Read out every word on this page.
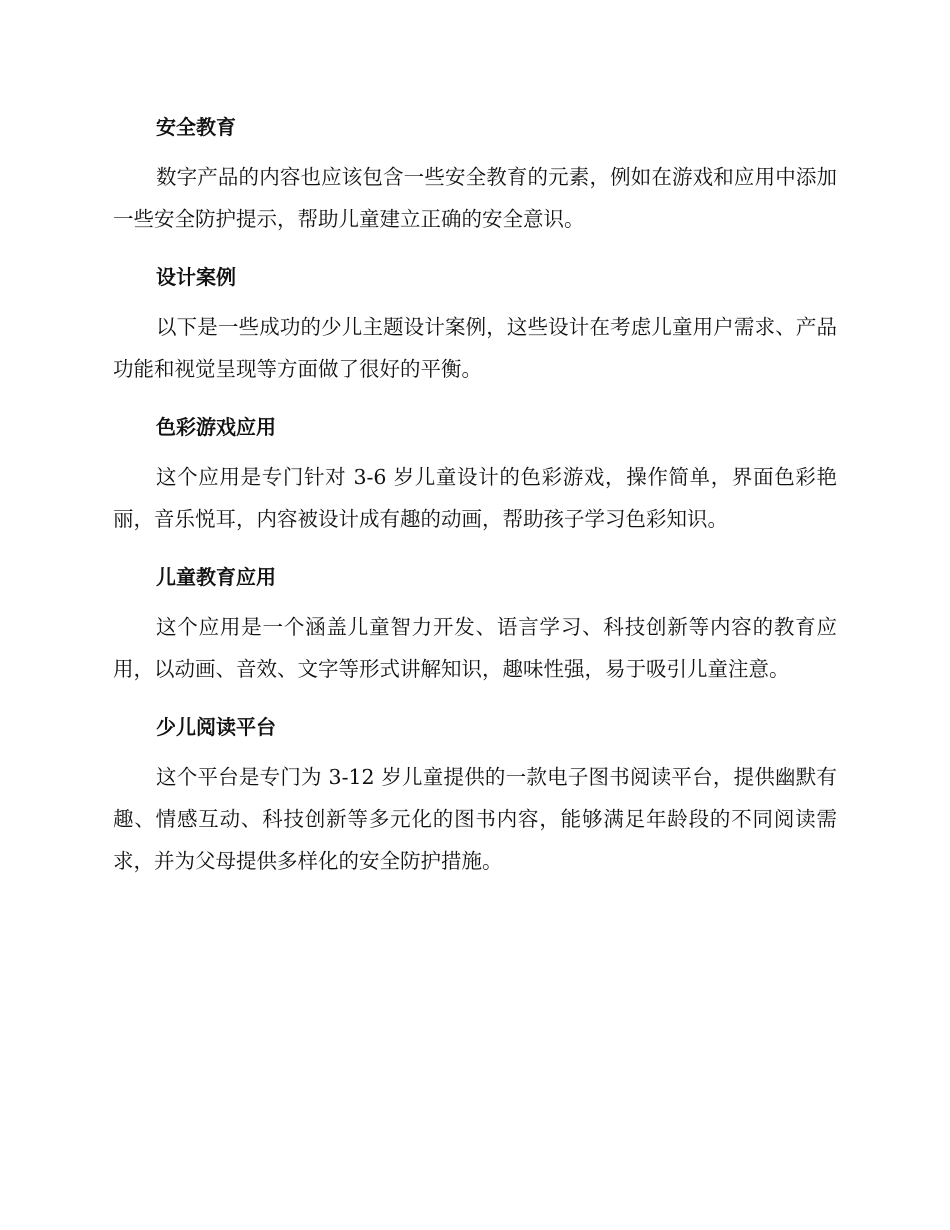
安全教育

数字产品的内容也应该包含一些安全教育的元素，例如在游戏和应用中添加一些安全防护提示，帮助儿童建立正确的安全意识。

设计案例

以下是一些成功的少儿主题设计案例，这些设计在考虑儿童用户需求、产品功能和视觉呈现等方面做了很好的平衡。

色彩游戏应用

这个应用是专门针对 3-6 岁儿童设计的色彩游戏，操作简单，界面色彩艳丽，音乐悦耳，内容被设计成有趣的动画，帮助孩子学习色彩知识。

儿童教育应用

这个应用是一个涵盖儿童智力开发、语言学习、科技创新等内容的教育应用，以动画、音效、文字等形式讲解知识，趣味性强，易于吸引儿童注意。

少儿阅读平台

这个平台是专门为 3-12 岁儿童提供的一款电子图书阅读平台，提供幽默有趣、情感互动、科技创新等多元化的图书内容，能够满足年龄段的不同阅读需求，并为父母提供多样化的安全防护措施。
